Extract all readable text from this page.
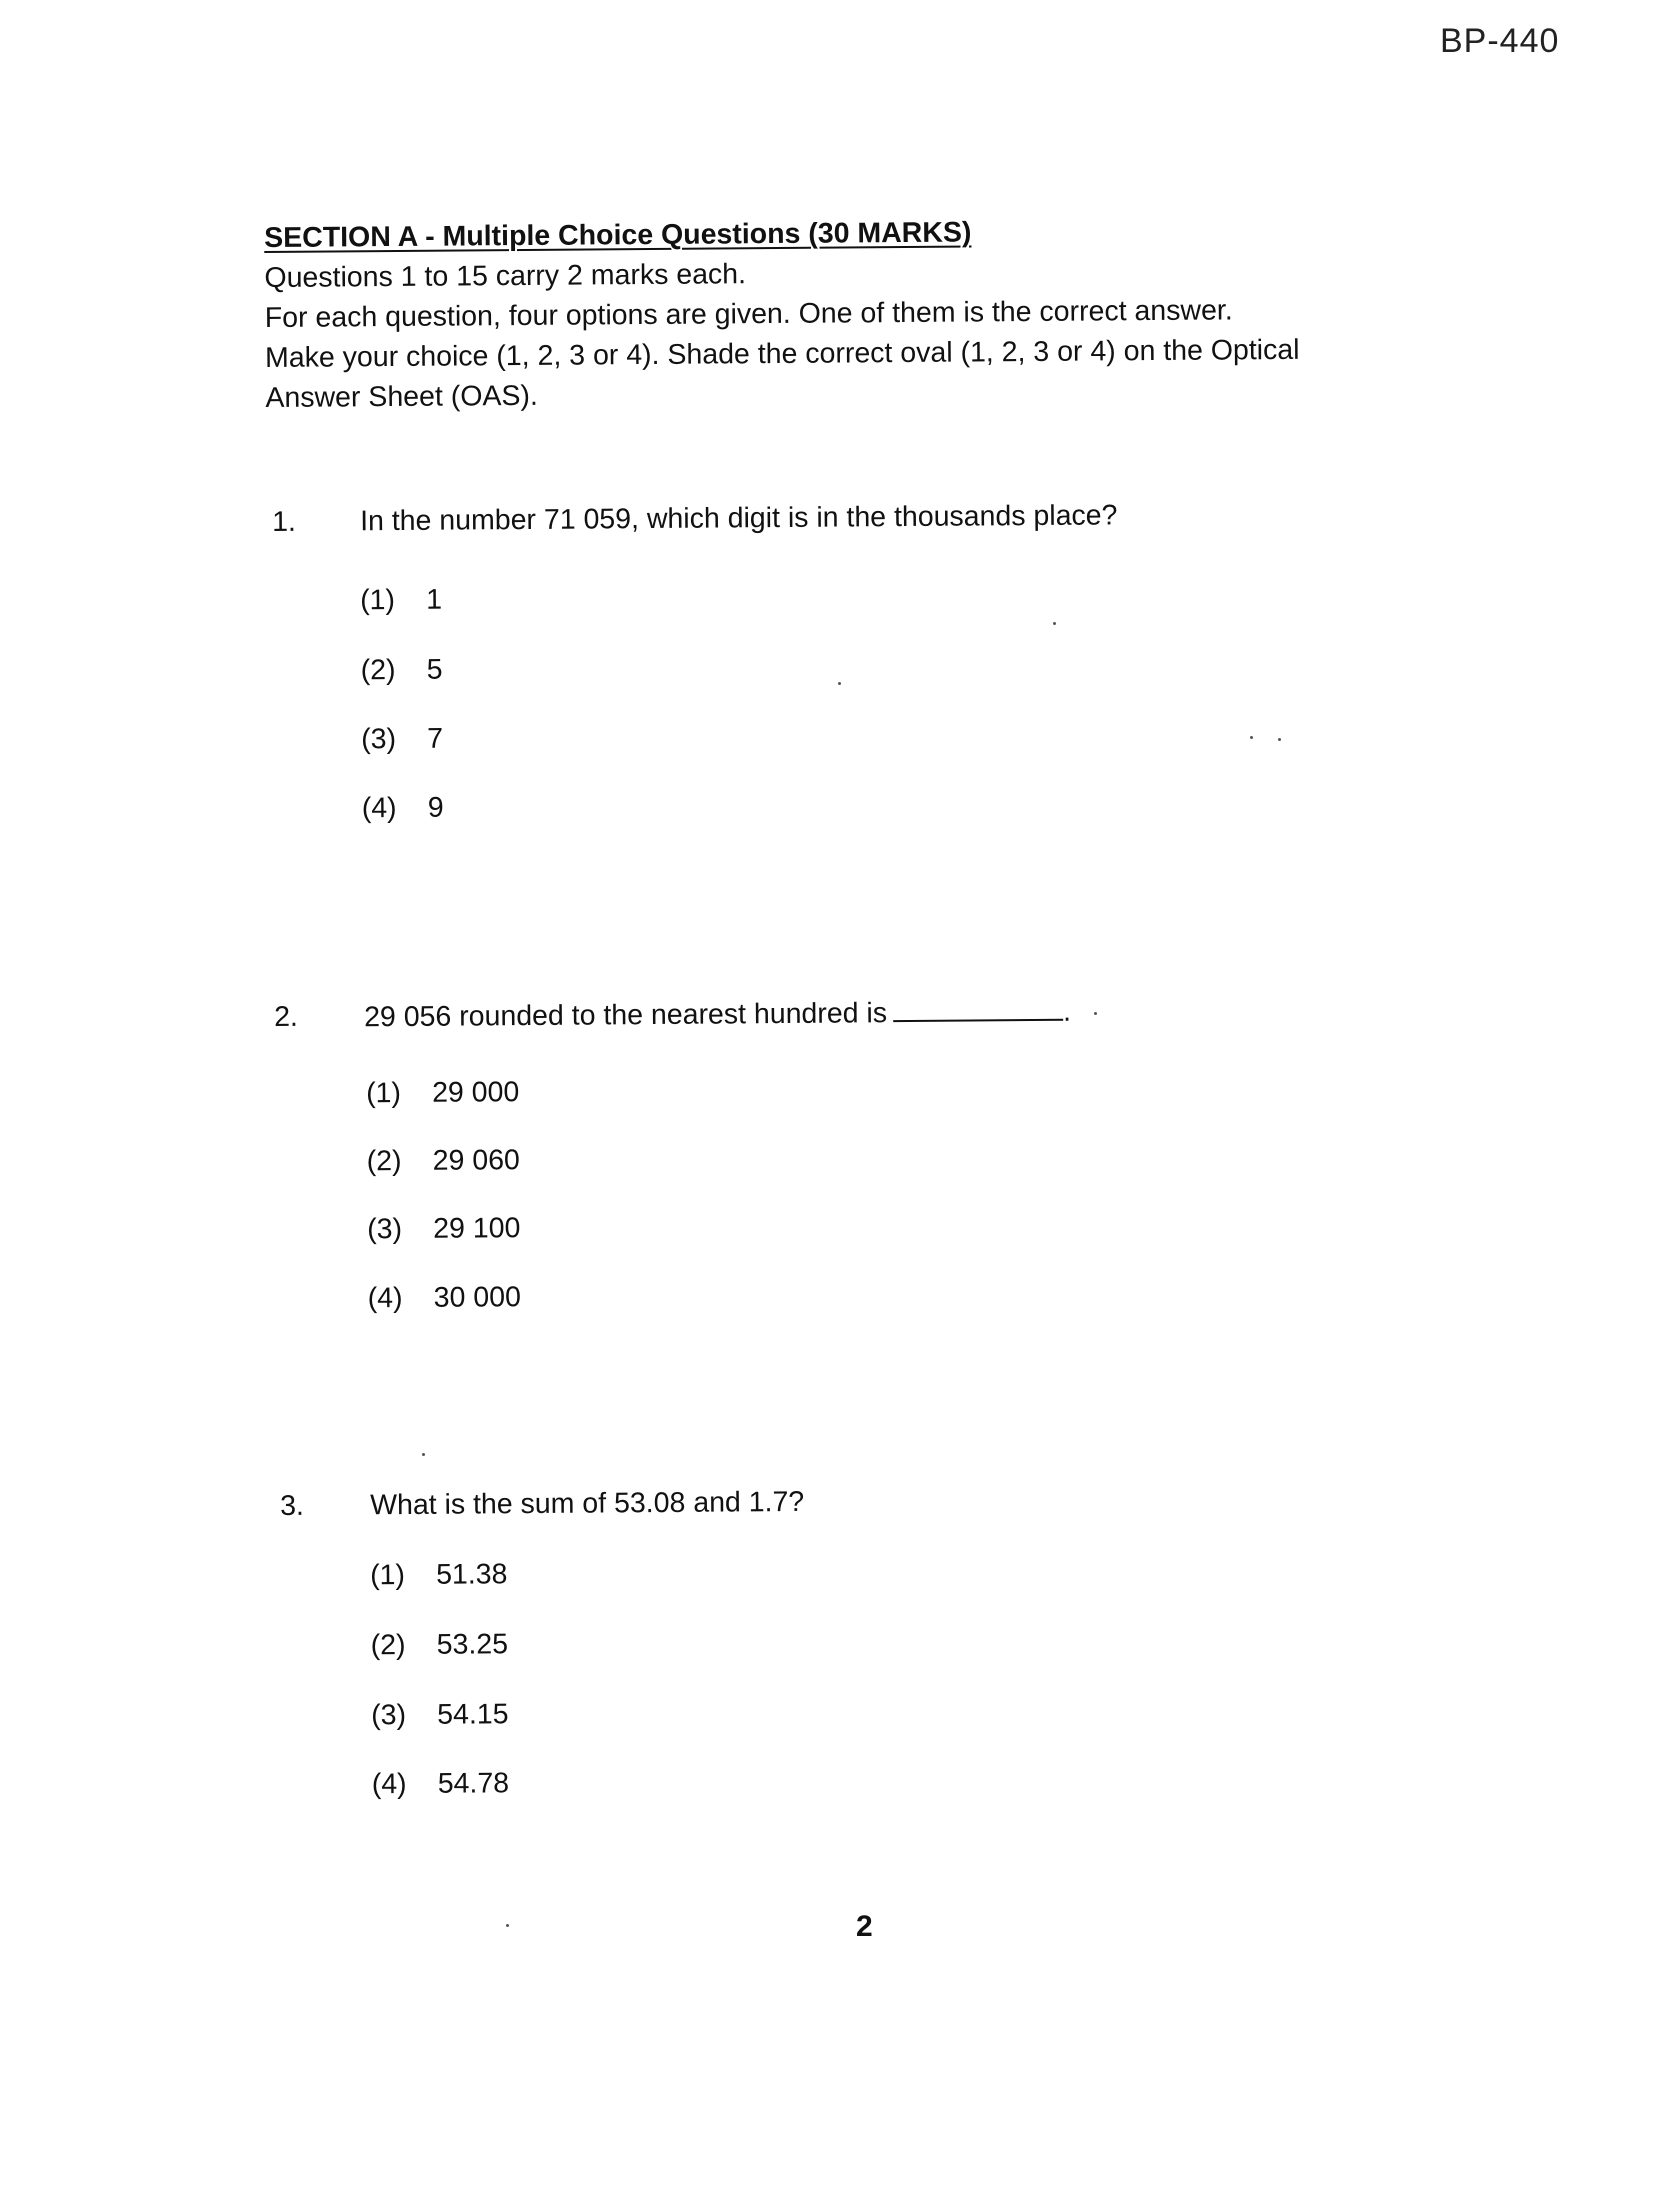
BP-440
SECTION A - Multiple Choice Questions (30 MARKS)

Questions 1 to 15 carry 2 marks each.

For each question, four options are given. One of them is the correct answer.

Make your choice (1, 2, 3 or 4). Shade the correct oval (1, 2, 3 or 4) on the Optical

Answer Sheet (OAS).

1. In the number 71 059, which digit is in the thousands place?
(1) 1
(2) 5
(3) 7
(4) 9
2. 29 056 rounded to the nearest hundred is	.
(1) 29 000
(2) 29 060
(3) 29 100
(4) 30 000
3. What is the sum of 53.08 and 1.7?
(1) 51.38
(2) 53.25
(3) 54.15
(4) 54.78
2
